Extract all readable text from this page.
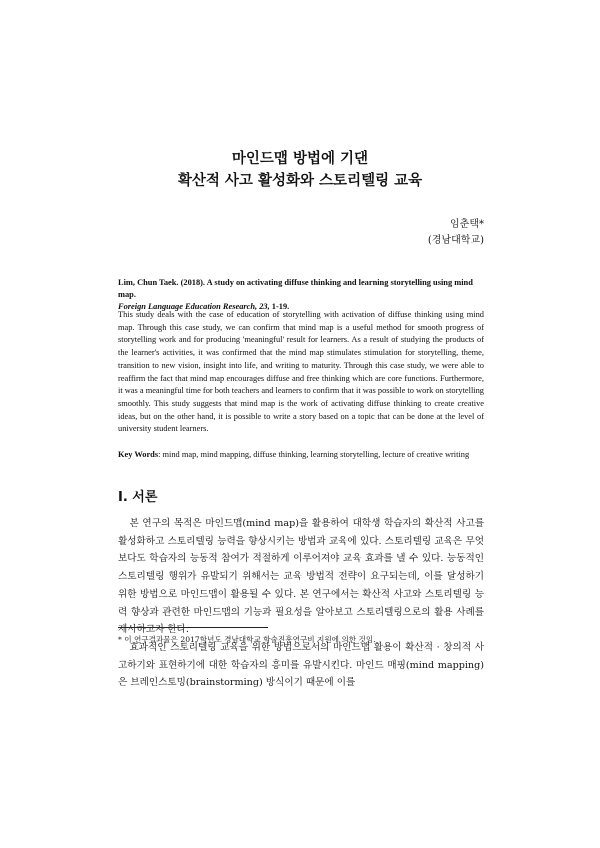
마인드맵 방법에 기댄
확산적 사고 활성화와 스토리텔링 교육
임춘택*
(경남대학교)
Lim, Chun Taek. (2018). A study on activating diffuse thinking and learning storytelling using mind map.
Foreign Language Education Research, 23, 1-19.
This study deals with the case of education of storytelling with activation of diffuse thinking using mind map. Through this case study, we can confirm that mind map is a useful method for smooth progress of storytelling work and for producing 'meaningful' result for learners. As a result of studying the products of the learner's activities, it was confirmed that the mind map stimulates stimulation for storytelling, theme, transition to new vision, insight into life, and writing to maturity. Through this case study, we were able to reaffirm the fact that mind map encourages diffuse and free thinking which are core functions. Furthermore, it was a meaningful time for both teachers and learners to confirm that it was possible to work on storytelling smoothly. This study suggests that mind map is the work of activating diffuse thinking to create creative ideas, but on the other hand, it is possible to write a story based on a topic that can be done at the level of university student learners.
Key Words: mind map, mind mapping, diffuse thinking, learning storytelling, lecture of creative writing
I. 서론

본 연구의 목적은 마인드맵(mind map)을 활용하여 대학생 학습자의 확산적 사고를 활성화하고 스토리텔링 능력을 향상시키는 방법과 교육에 있다. 스토리텔링 교육은 무엇보다도 학습자의 능동적 참여가 적절하게 이루어져야 교육 효과를 낼 수 있다. 능동적인 스토리텔링 행위가 유발되기 위해서는 교육 방법적 전략이 요구되는데, 이를 달성하기 위한 방법으로 마인드맵이 활용될 수 있다. 본 연구에서는 확산적 사고와 스토리텔링 능력 향상과 관련한 마인드맵의 기능과 필요성을 알아보고 스토리텔링으로의 활용 사례를 제시하고자 한다.

효과적인 스토리텔링 교육을 위한 방법으로서의 마인드맵 활용이 확산적 · 창의적 사고하기와 표현하기에 대한 학습자의 흥미를 유발시킨다. 마인드 매핑(mind mapping)은 브레인스토밍(brainstorming) 방식이기 때문에 이를

* 이 연구결과물은 2017학년도 경남대학교 학술진흥연구비 지원에 의한 것임.
